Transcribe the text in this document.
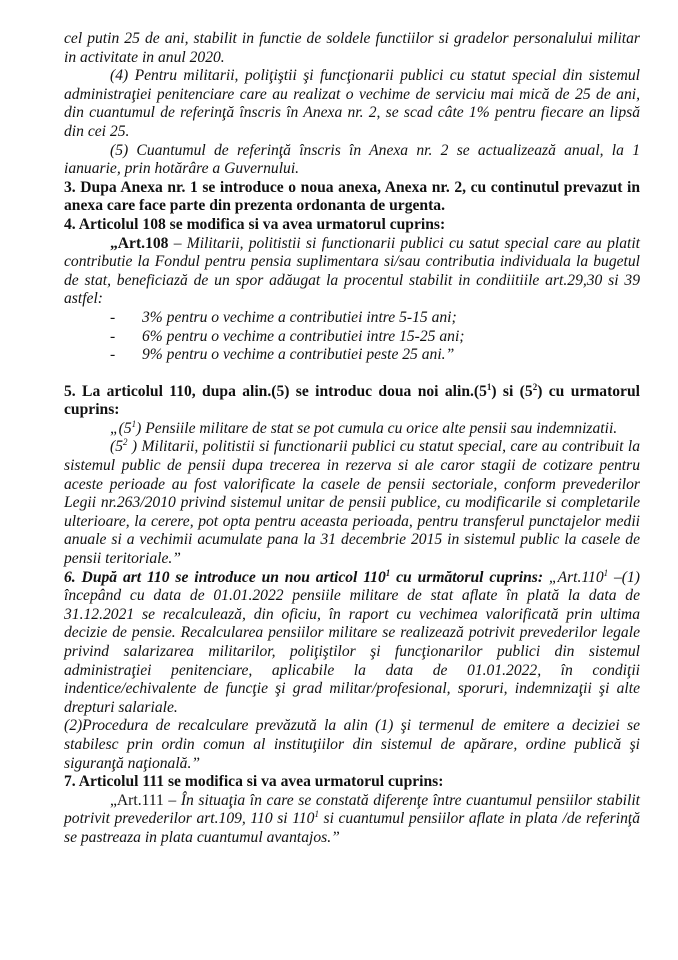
cel putin 25 de ani, stabilit in functie de soldele functiilor si gradelor personalului militar in activitate in anul 2020.

(4) Pentru militarii, poliţiştii şi funcţionarii publici cu statut special din sistemul administraţiei penitenciare care au realizat o vechime de serviciu mai mică de 25 de ani, din cuantumul de referinţă înscris în Anexa nr. 2, se scad câte 1% pentru fiecare an lipsă din cei 25.

(5) Cuantumul de referinţă înscris în Anexa nr. 2 se actualizează anual, la 1 ianuarie, prin hotărâre a Guvernului.

3. Dupa Anexa nr. 1 se introduce o noua anexa, Anexa nr. 2, cu continutul prevazut in anexa care face parte din prezenta ordonanta de urgenta.

4. Articolul 108 se modifica si va avea urmatorul cuprins:

„Art.108 – Militarii, politistii si functionarii publici cu satut special care au platit contributie la Fondul pentru pensia suplimentara si/sau contributia individuala la bugetul de stat, beneficiază de un spor adăugat la procentul stabilit in condiitiile art.29,30 si 39 astfel:

- 3% pentru o vechime a contributiei intre 5-15 ani;
- 6% pentru o vechime a contributiei intre 15-25 ani;
- 9% pentru o vechime a contributiei peste 25 ani.”

5. La articolul 110, dupa alin.(5) se introduc doua noi $alin.(5^1)$ si $(5^2)$ cu urmatorul cuprins:

$„(5^1)$ Pensiile militare de stat se pot cumula cu orice alte pensii sau indemnizatii.

($5^2$ ) Militarii, politistii si functionarii publici cu statut special, care au contribuit la sistemul public de pensii dupa trecerea in rezerva si ale caror stagii de cotizare pentru aceste perioade au fost valorificate la casele de pensii sectoriale, conform prevederilor Legii nr.263/2010 privind sistemul unitar de pensii publice, cu modificarile si completarile ulterioare, la cerere, pot opta pentru aceasta perioada, pentru transferul punctajelor medii anuale si a vechimii acumulate pana la 31 decembrie 2015 in sistemul public la casele de pensii teritoriale.”

6. După art 110 se introduce un nou articol $110^1$ cu următorul cuprins: „Art.110$^1$ –(1) începând cu data de 01.01.2022 pensiile militare de stat aflate în plată la data de 31.12.2021 se recalculează, din oficiu, în raport cu vechimea valorificată prin ultima decizie de pensie. Recalcularea pensiilor militare se realizează potrivit prevederilor legale privind salarizarea militarilor, poliţiştilor şi funcţionarilor publici din sistemul administraţiei penitenciare, aplicabile la data de 01.01.2022, în condiţii indentice/echivalente de funcţie şi grad militar/profesional, sporuri, indemnizaţii şi alte drepturi salariale.

(2)Procedura de recalculare prevăzută la alin (1) şi termenul de emitere a deciziei se stabilesc prin ordin comun al instituţiilor din sistemul de apărare, ordine publică şi siguranţă naţională.”

7. Articolul 111 se modifica si va avea urmatorul cuprins:

„Art.111 – În situaţia în care se constată diferenţe între cuantumul pensiilor stabilit potrivit prevederilor art.109, 110 si $110^1$ si cuantumul pensiilor aflate in plata /de referinţă se pastreaza in plata cuantumul avantajos.”
